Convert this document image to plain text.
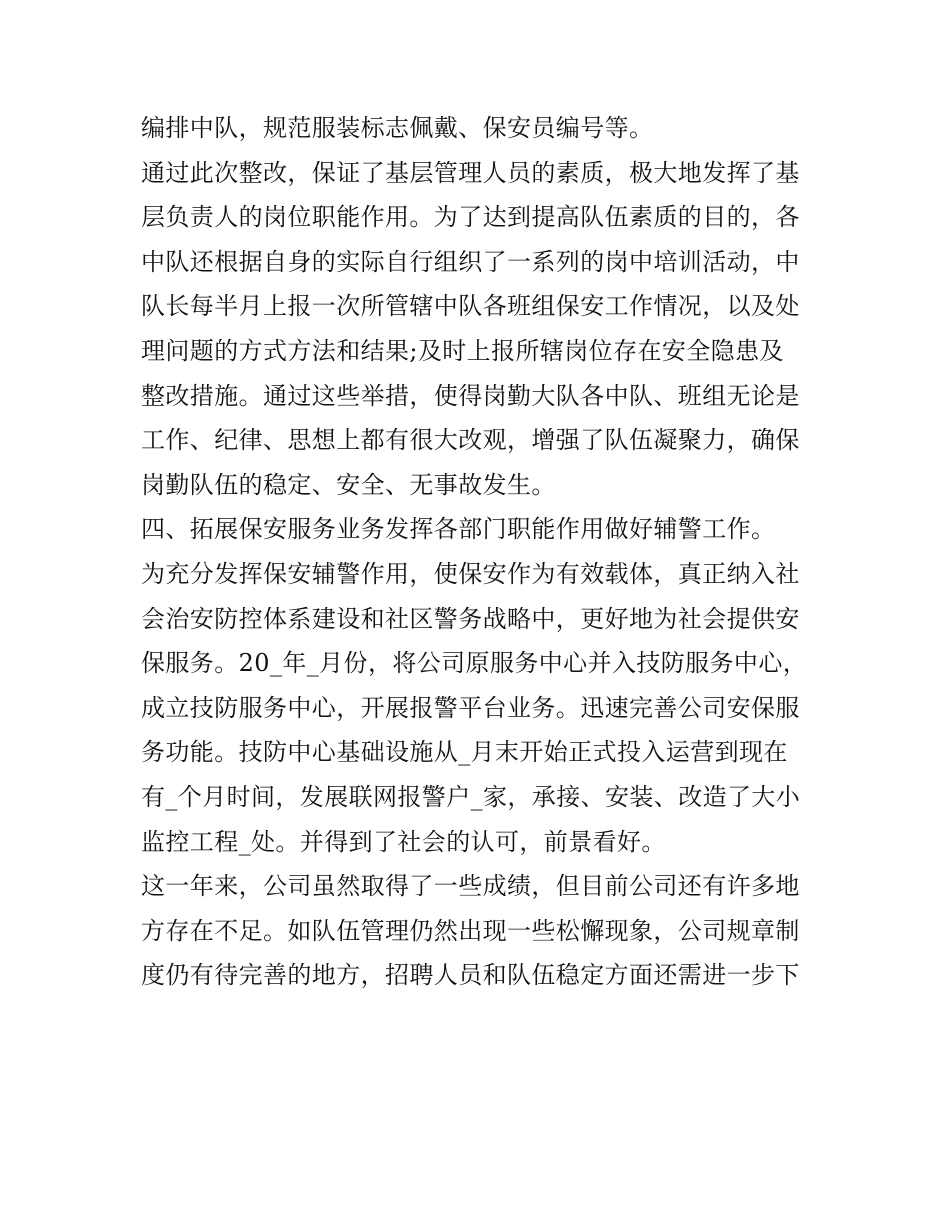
编排中队，规范服装标志佩戴、保安员编号等。
通过此次整改，保证了基层管理人员的素质，极大地发挥了基
层负责人的岗位职能作用。为了达到提高队伍素质的目的，各
中队还根据自身的实际自行组织了一系列的岗中培训活动，中
队长每半月上报一次所管辖中队各班组保安工作情况，以及处
理问题的方式方法和结果;及时上报所辖岗位存在安全隐患及
整改措施。通过这些举措，使得岗勤大队各中队、班组无论是
工作、纪律、思想上都有很大改观，增强了队伍凝聚力，确保
岗勤队伍的稳定、安全、无事故发生。
四、拓展保安服务业务发挥各部门职能作用做好辅警工作。
为充分发挥保安辅警作用，使保安作为有效载体，真正纳入社
会治安防控体系建设和社区警务战略中，更好地为社会提供安
保服务。20_年_月份，将公司原服务中心并入技防服务中心，
成立技防服务中心，开展报警平台业务。迅速完善公司安保服
务功能。技防中心基础设施从_月末开始正式投入运营到现在
有_个月时间，发展联网报警户_家，承接、安装、改造了大小
监控工程_处。并得到了社会的认可，前景看好。
这一年来，公司虽然取得了一些成绩，但目前公司还有许多地
方存在不足。如队伍管理仍然出现一些松懈现象，公司规章制
度仍有待完善的地方，招聘人员和队伍稳定方面还需进一步下
